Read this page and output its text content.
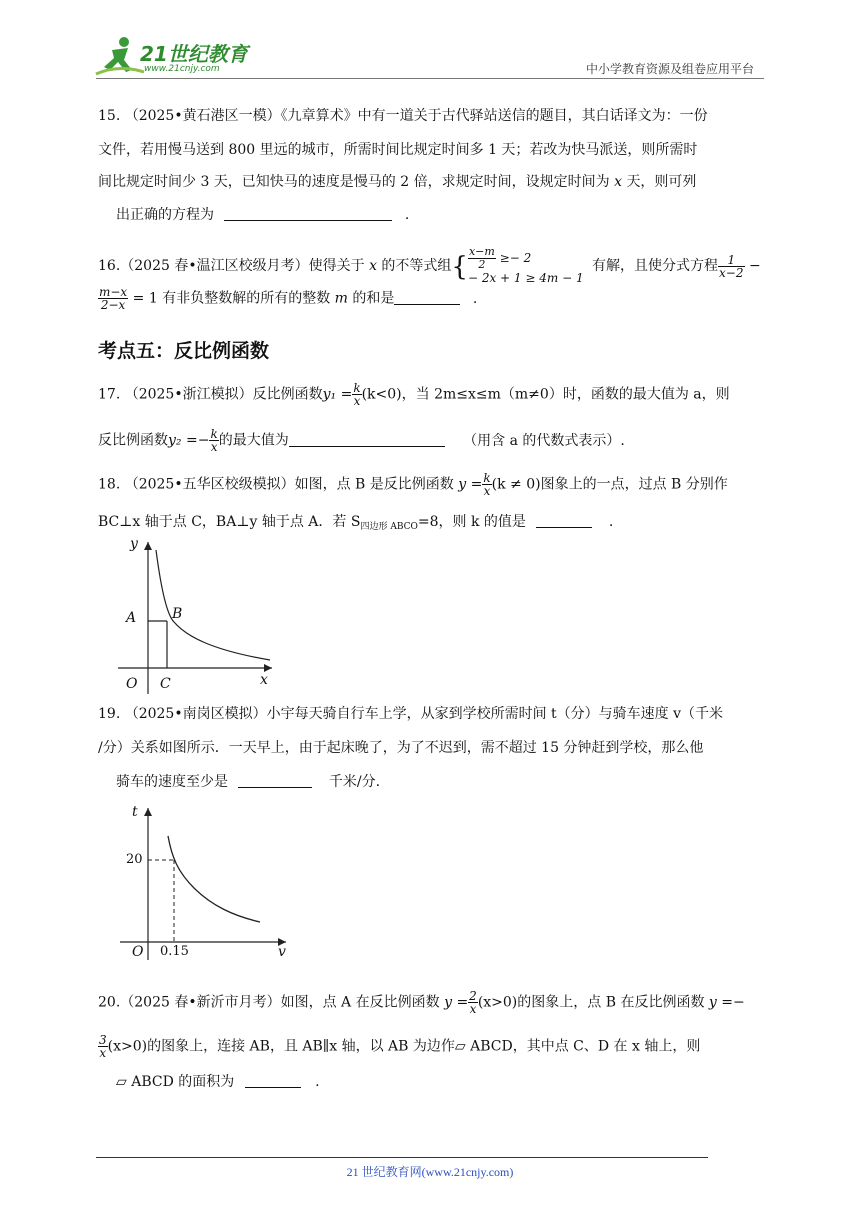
21世纪教育
www.21cnjy.com	中小学教育资源及组卷应用平台
15. （2025•黄石港区一模）《九章算术》中有一道关于古代驿站送信的题目，其白话译文为：一份
文件，若用慢马送到 800 里远的城市，所需时间比规定时间多 1 天；若改为快马派送，则所需时
间比规定时间少 3 天，已知快马的速度是慢马的 2 倍，求规定时间，设规定时间为 x 天，则可列
出正确的方程为	.
16.（2025 春•温江区校级月考）使得关于 x 的不等式组{ $\frac{x-m}{2} \ge- 2$
− 2x + 1 ≥ 4m − 1
有解，且使分式方程 $\frac{1}{x-2}$ −
$\frac{m-x}{2-x} = 1$ 有非负整数解的所有的整数 m 的和是	.
考点五：反比例函数
17. （2025•浙江模拟）反比例函数$y_1 = \frac{k}{x} (k<0)$，当 2m≤x≤m（m≠0）时，函数的最大值为 a，则
反比例函数$y_2 =- \frac{k}{x}$ 的最大值为	（用含 a 的代数式表示）.
18. （2025•五华区校级模拟）如图，点 B 是反比例函数 $y = \frac{k}{x} (k \ne 0)$图象上的一点，过点 B 分别作
BC⊥x 轴于点 C，BA⊥y 轴于点 A．若 $S_{四边形 ABCO}=8$，则 k 的值是	.
y
A	B
O C	x
19. （2025•南岗区模拟）小宇每天骑自行车上学，从家到学校所需时间 t（分）与骑车速度 v（千米
/分）关系如图所示．一天早上，由于起床晚了，为了不迟到，需不超过 15 分钟赶到学校，那么他
骑车的速度至少是	千米/分.
t
20
O 0.15	v
20.（2025 春•新沂市月考）如图，点 A 在反比例函数 $y = \frac{2}{x} (x>0)$的图象上，点 B 在反比例函数 y =−
$\frac{3}{x} (x>0)$的图象上，连接 AB，且 AB∥x 轴，以 AB 为边作▱ ABCD，其中点 C、D 在 x 轴上，则
▱ ABCD 的面积为	.
21 世纪教育网(www.21cnjy.com)
